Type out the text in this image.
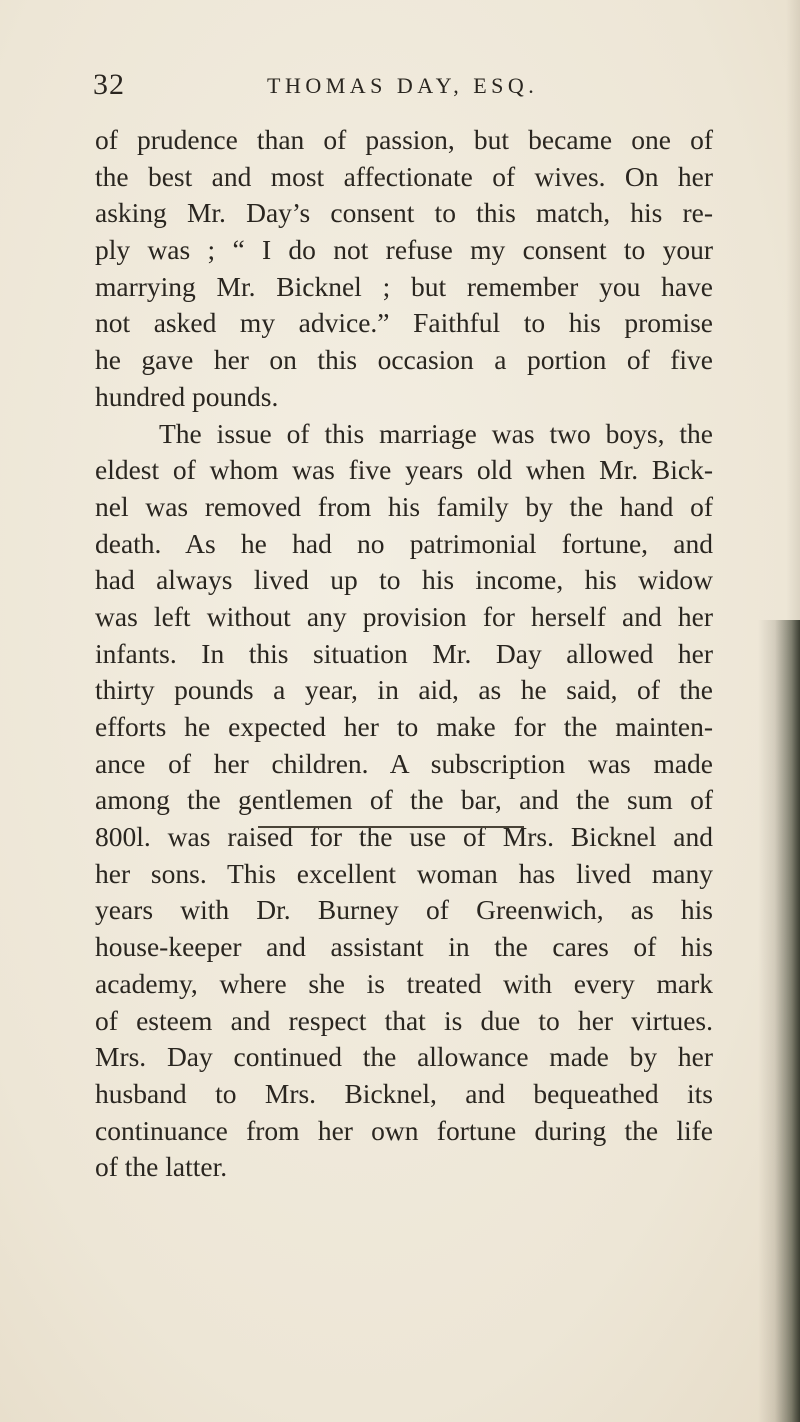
32	THOMAS DAY, ESQ.
of prudence than of passion, but became one of
the best and most affectionate of wives. On her
asking Mr. Day’s consent to this match, his re-
ply was ; “ I do not refuse my consent to your
marrying Mr. Bicknel ; but remember you have
not asked my advice.” Faithful to his promise
he gave her on this occasion a portion of five
hundred pounds.
The issue of this marriage was two boys, the
eldest of whom was five years old when Mr. Bick-
nel was removed from his family by the hand of
death. As he had no patrimonial fortune, and
had always lived up to his income, his widow
was left without any provision for herself and her
infants. In this situation Mr. Day allowed her
thirty pounds a year, in aid, as he said, of the
efforts he expected her to make for the mainten-
ance of her children. A subscription was made
among the gentlemen of the bar, and the sum of
800l. was raised for the use of Mrs. Bicknel and
her sons. This excellent woman has lived many
years with Dr. Burney of Greenwich, as his
house-keeper and assistant in the cares of his
academy, where she is treated with every mark
of esteem and respect that is due to her virtues.
Mrs. Day continued the allowance made by her
husband to Mrs. Bicknel, and bequeathed its
continuance from her own fortune during the life
of the latter.
